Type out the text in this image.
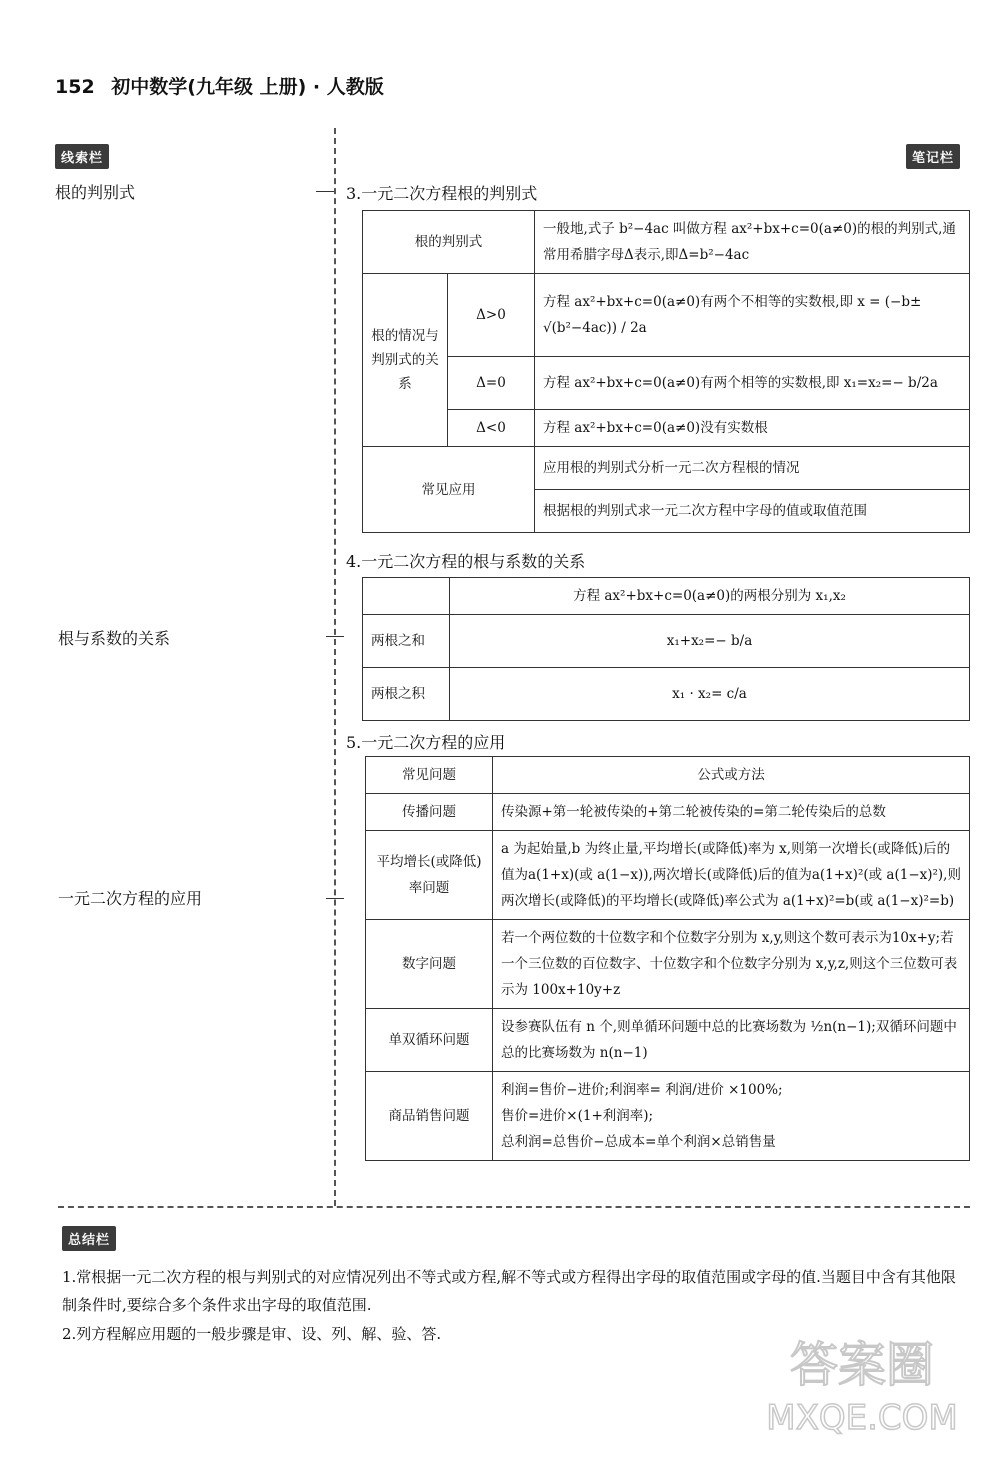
152 初中数学(九年级 上册) · 人教版
线索栏	笔记栏
根的判别式
根与系数的关系
一元二次方程的应用
3.一元二次方程根的判别式
根的判别式		一般地,式子 b²−4ac 叫做方程 ax²+bx+c=0(a≠0)的根的判别式,通常用希腊字母Δ表示,即Δ=b²−4ac
根的情况与判别式的关系	Δ>0	方程 ax²+bx+c=0(a≠0)有两个不相等的实数根,即 x = (−b± √(b²−4ac)) / 2a
	Δ=0	方程 ax²+bx+c=0(a≠0)有两个相等的实数根,即 x₁=x₂=− b/2a
	Δ<0	方程 ax²+bx+c=0(a≠0)没有实数根
常见应用		应用根的判别式分析一元二次方程根的情况
		根据根的判别式求一元二次方程中字母的值或取值范围
4.一元二次方程的根与系数的关系
	方程 ax²+bx+c=0(a≠0)的两根分别为 x₁,x₂
两根之和	x₁+x₂=− b/a
两根之积	x₁ · x₂= c/a
5.一元二次方程的应用
常见问题	公式或方法
传播问题	传染源+第一轮被传染的+第二轮被传染的=第二轮传染后的总数
平均增长(或降低)率问题	a 为起始量,b 为终止量,平均增长(或降低)率为 x,则第一次增长(或降低)后的值为a(1+x)(或 a(1−x)),两次增长(或降低)后的值为a(1+x)²(或 a(1−x)²),则两次增长(或降低)的平均增长(或降低)率公式为 a(1+x)²=b(或 a(1−x)²=b)
数字问题	若一个两位数的十位数字和个位数字分别为 x,y,则这个数可表示为10x+y;若一个三位数的百位数字、十位数字和个位数字分别为 x,y,z,则这个三位数可表示为 100x+10y+z
单双循环问题	设参赛队伍有 n 个,则单循环问题中总的比赛场数为 ½n(n−1);双循环问题中总的比赛场数为 n(n−1)
商品销售问题	利润=售价−进价;利润率= 利润/进价 ×100%;
售价=进价×(1+利润率);
总利润=总售价−总成本=单个利润×总销售量
总结栏
1.常根据一元二次方程的根与判别式的对应情况列出不等式或方程,解不等式或方程得出字母的取值范围或字母的值.当题目中含有其他限制条件时,要综合多个条件求出字母的取值范围.
2.列方程解应用题的一般步骤是审、设、列、解、验、答.
答案圈
MXQE.COM
